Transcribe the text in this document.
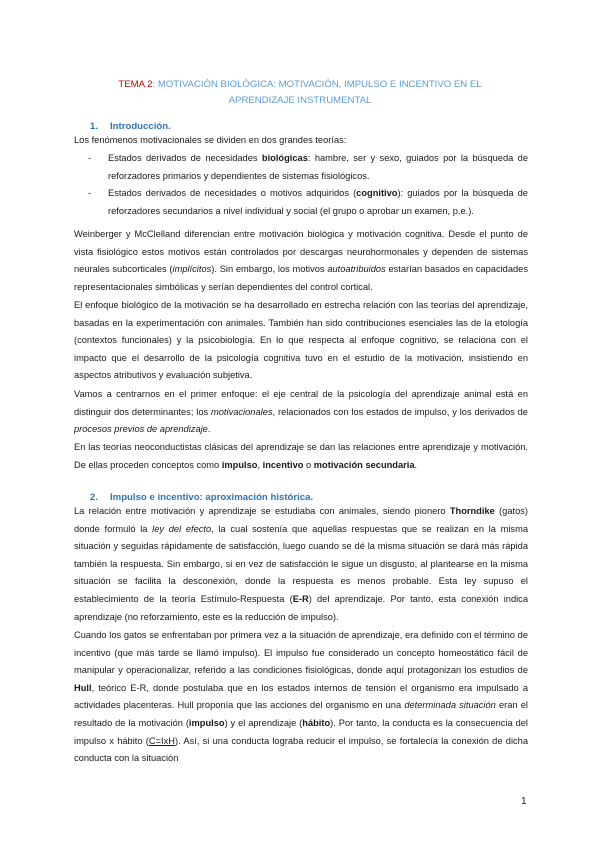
TEMA 2: MOTIVACIÓN BIOLÓGICA: MOTIVACIÓN, IMPULSO E INCENTIVO EN EL APRENDIZAJE INSTRUMENTAL
1. Introducción.

Los fenómenos motivacionales se dividen en dos grandes teorías:

- Estados derivados de necesidades biológicas: hambre, ser y sexo, guiados por la búsqueda de reforzadores primarios y dependientes de sistemas fisiológicos.
- Estados derivados de necesidades o motivos adquiridos (cognitivo): guiados por la búsqueda de reforzadores secundarios a nivel individual y social (el grupo o aprobar un examen, p.e.).

Weinberger y McClelland diferencian entre motivación biológica y motivación cognitiva. Desde el punto de vista fisiológico estos motivos están controlados por descargas neurohormonales y dependen de sistemas neurales subcorticales (implícitos). Sin embargo, los motivos autoatribuidos estarían basados en capacidades representacionales simbólicas y serían dependientes del control cortical.

El enfoque biológico de la motivación se ha desarrollado en estrecha relación con las teorías del aprendizaje, basadas en la experimentación con animales. También han sido contribuciones esenciales las de la etología (contextos funcionales) y la psicobiología. En lo que respecta al enfoque cognitivo, se relaciona con el impacto que el desarrollo de la psicología cognitiva tuvo en el estudio de la motivación, insistiendo en aspectos atributivos y evaluación subjetiva.

Vamos a centrarnos en el primer enfoque: el eje central de la psicología del aprendizaje animal está en distinguir dos determinantes; los motivacionales, relacionados con los estados de impulso, y los derivados de procesos previos de aprendizaje.

En las teorías neoconductistas clásicas del aprendizaje se dan las relaciones entre aprendizaje y motivación. De ellas proceden conceptos como impulso, incentivo o motivación secundaria.

2. Impulso e incentivo: aproximación histórica.

La relación entre motivación y aprendizaje se estudiaba con animales, siendo pionero Thorndike (gatos) donde formuló la ley del efecto, la cual sostenía que aquellas respuestas que se realizan en la misma situación y seguidas rápidamente de satisfacción, luego cuando se dé la misma situación se dará más rápida también la respuesta. Sin embargo, si en vez de satisfacción le sigue un disgusto, al plantearse en la misma situación se facilita la desconexión, donde la respuesta es menos probable. Esta ley supuso el establecimiento de la teoría Estímulo-Respuesta (E-R) del aprendizaje. Por tanto, esta conexión indica aprendizaje (no reforzamiento, este es la reducción de impulso).

Cuando los gatos se enfrentaban por primera vez a la situación de aprendizaje, era definido con el término de incentivo (que más tarde se llamó impulso). El impulso fue considerado un concepto homeostático fácil de manipular y operacionalizar, referido a las condiciones fisiológicas, donde aquí protagonizan los estudios de Hull, teórico E-R, donde postulaba que en los estados internos de tensión el organismo era impulsado a actividades placenteras. Hull proponía que las acciones del organismo en una determinada situación eran el resultado de la motivación (impulso) y el aprendizaje (hábito). Por tanto, la conducta es la consecuencia del impulso x hábito (C=IxH). Así, si una conducta lograba reducir el impulso, se fortalecía la conexión de dicha conducta con la situación

1
